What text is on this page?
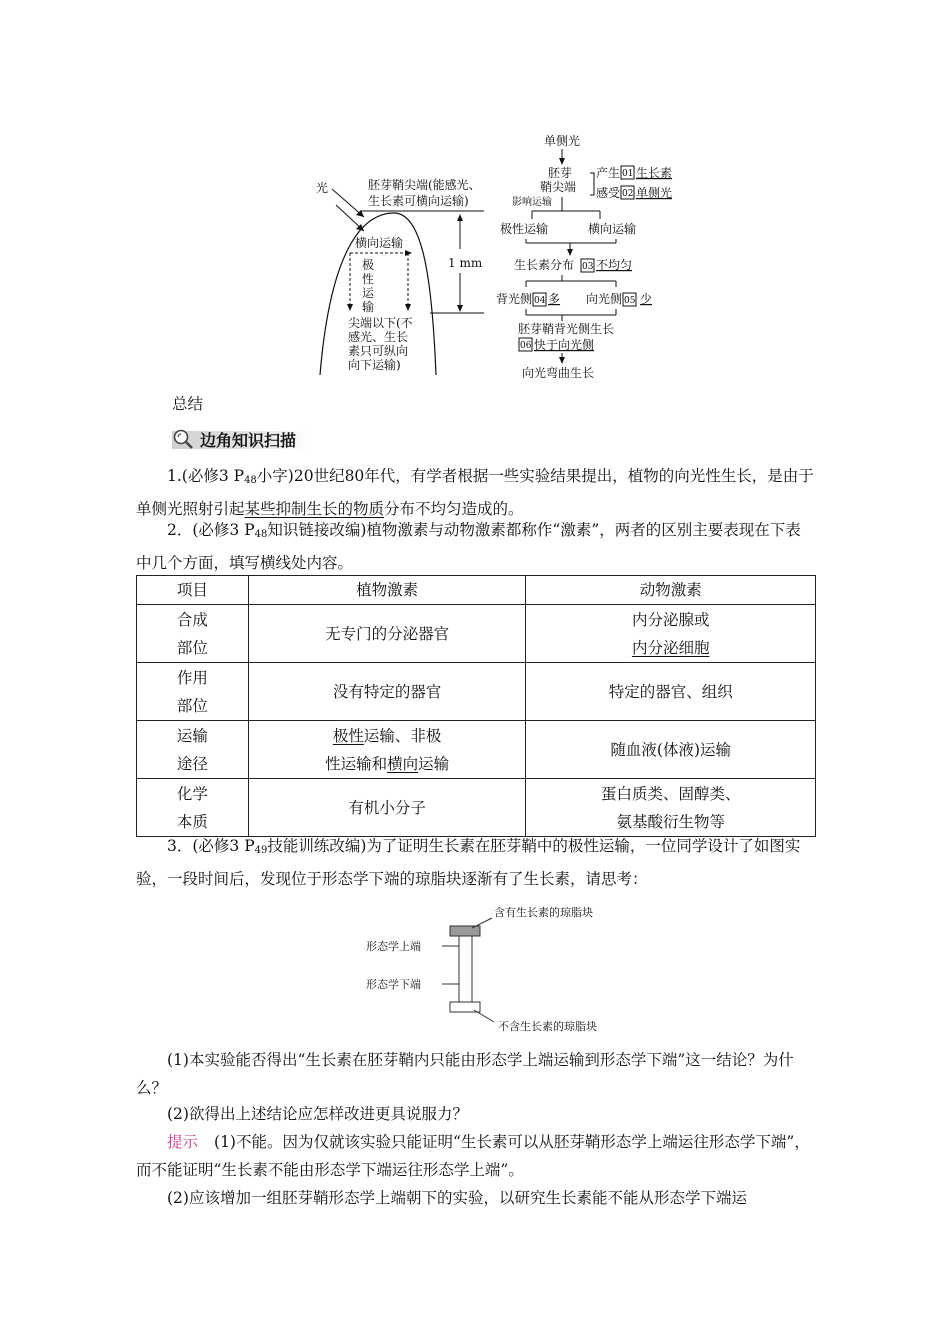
光	胚芽鞘尖端(能感光、
生长素可横向运输)
横向运输
极
性
运
输
1 mm
尖端以下(不
感光、生长
素只可纵向
向下运输)
单侧光
胚芽
鞘尖端
产生 01 生长素
感受 02 单侧光
影响运输
极性运输	横向运输
生长素分布 03 不均匀
背光侧 04 多 向光侧 05 少
胚芽鞘背光侧生长
06 快于向光侧
向光弯曲生长
总结
边角知识扫描
1.(必修3 P48小字)20世纪80年代，有学者根据一些实验结果提出，植物的向光性生长，是由于单侧光照射引起某些抑制生长的物质分布不均匀造成的。
2．(必修3 P48知识链接改编)植物激素与动物激素都称作“激素”，两者的区别主要表现在下表中几个方面，填写横线处内容。
项目	植物激素	动物激素
合成
部位	无专门的分泌器官	内分泌腺或
内分泌细胞
作用
部位	没有特定的器官	特定的器官、组织
运输
途径	极性运输、非极
性运输和横向运输	随血液(体液)运输
化学
本质	有机小分子	蛋白质类、固醇类、
氨基酸衍生物等
3．(必修3 P49技能训练改编)为了证明生长素在胚芽鞘中的极性运输，一位同学设计了如图实验，一段时间后，发现位于形态学下端的琼脂块逐渐有了生长素，请思考：
含有生长素的琼脂块
形态学上端
形态学下端
不含生长素的琼脂块
(1)本实验能否得出“生长素在胚芽鞘内只能由形态学上端运输到形态学下端”这一结论？为什么？
(2)欲得出上述结论应怎样改进更具说服力？
提示 (1)不能。因为仅就该实验只能证明“生长素可以从胚芽鞘形态学上端运往形态学下端”，而不能证明“生长素不能由形态学下端运往形态学上端”。
(2)应该增加一组胚芽鞘形态学上端朝下的实验，以研究生长素能不能从形态学下端运
